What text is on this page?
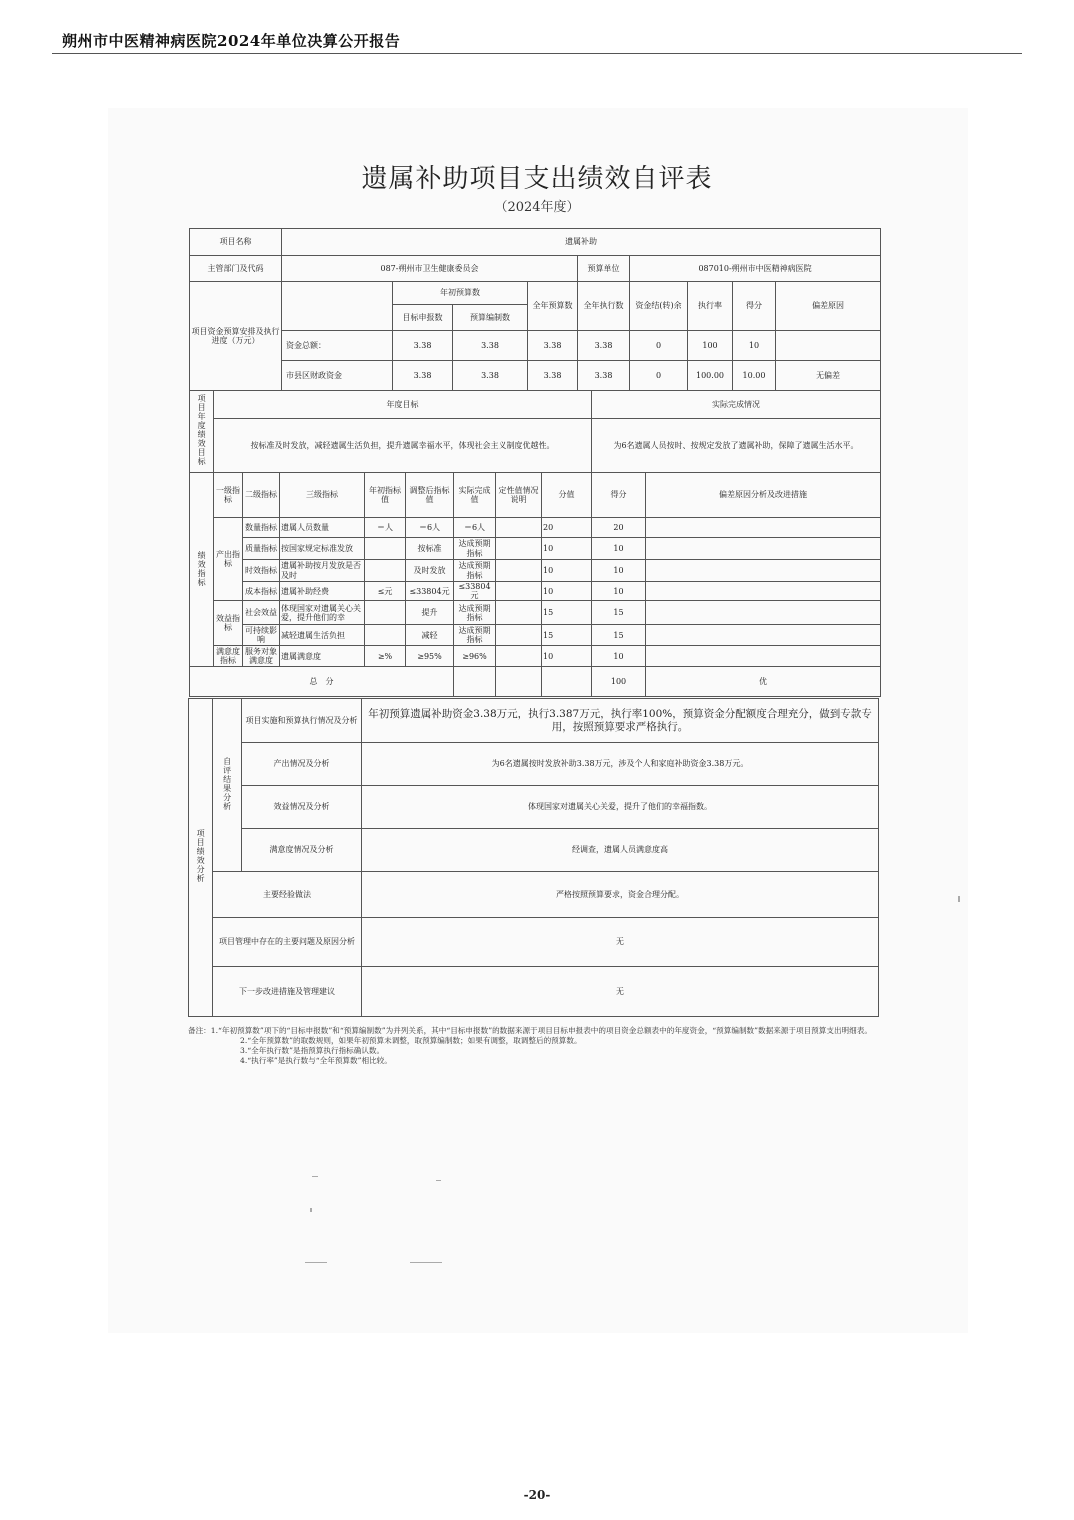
朔州市中医精神病医院2024年单位决算公开报告
遗属补助项目支出绩效自评表
（2024年度）
项目名称	遗属补助								
主管部门及代码	087-朔州市卫生健康委员会				预算单位	087010-朔州市中医精神病医院			
项目资金预算安排及执行进度（万元）		年初预算数		全年预算数	全年执行数	资金结(转)余	执行率	得分	偏差原因
		目标申报数	预算编制数						
	资金总额：	3.38	3.38	3.38	3.38	0	100	10	
	市县区财政资金	3.38	3.38	3.38	3.38	0	100.00	10.00	无偏差
项目年度绩效目标	年度目标								实际完成情况	
	按标准及时发放，减轻遗属生活负担，提升遗属幸福水平，体现社会主义制度优越性。								为6名遗属人员按时、按规定发放了遗属补助，保障了遗属生活水平。	
绩效指标	一级指标	二级指标	三级指标	年初指标值	调整后指标值	实际完成值	定性值情况说明	分值	得分	偏差原因分析及改进措施
	产出指标	数量指标	遗属人员数量	＝人	＝6人	＝6人		20	20	
		质量指标	按国家规定标准发放		按标准	达成预期指标		10	10	
		时效指标	遗属补助按月发放是否及时		及时发放	达成预期指标		10	10	
		成本指标	遗属补助经费	≤元	≤33804元	≤33804元		10	10	
	效益指标	社会效益	体现国家对遗属关心关爱，提升他们的幸		提升	达成预期指标		15	15	
		可持续影响	减轻遗属生活负担		减轻	达成预期指标		15	15	
	满意度指标	服务对象满意度	遗属满意度	≥%	≥95%	≥96%		10	10	
总　分									100	优
项目绩效分析	自评结果分析	项目实施和预算执行情况及分析	年初预算遗属补助资金3.38万元，执行3.387万元，执行率100%，预算资金分配额度合理充分，做到专款专用，按照预算要求严格执行。
		产出情况及分析	为6名遗属按时发放补助3.38万元，涉及个人和家庭补助资金3.38万元。
		效益情况及分析	体现国家对遗属关心关爱，提升了他们的幸福指数。
		满意度情况及分析	经调查，遗属人员满意度高
	主要经验做法		严格按照预算要求，资金合理分配。
	项目管理中存在的主要问题及原因分析		无
	下一步改进措施及管理建议		无
备注：1.“年初预算数”项下的“目标申报数”和“预算编制数”为并列关系，其中“目标申报数”的数据来源于项目目标申报表中的项目资金总额表中的年度资金，“预算编制数”数据来源于项目预算支出明细表。
2.“全年预算数”的取数规则，如果年初预算未调整，取预算编制数；如果有调整，取调整后的预算数。
3.“全年执行数”是指预算执行指标确认数。
4.“执行率”是执行数与“全年预算数”相比较。
-20-
